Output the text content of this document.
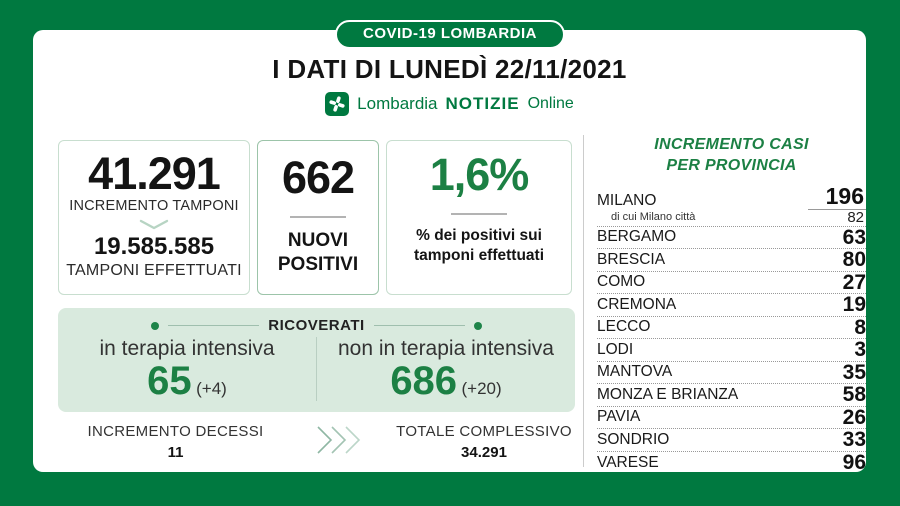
COVID-19 LOMBARDIA
I DATI DI LUNEDÌ 22/11/2021
Lombardia NOTIZIE Online
41.291
INCREMENTO TAMPONI
19.585.585
TAMPONI EFFETTUATI
662
NUOVI POSITIVI
1,6%
% dei positivi sui tamponi effettuati
RICOVERATI
in terapia intensiva
65 (+4)
non in terapia intensiva
686 (+20)
INCREMENTO DECESSI
11
TOTALE COMPLESSIVO
34.291
INCREMENTO CASI
PER PROVINCIA
MILANO	196
di cui Milano città	82
BERGAMO	63
BRESCIA	80
COMO	27
CREMONA	19
LECCO	8
LODI	3
MANTOVA	35
MONZA E BRIANZA	58
PAVIA	26
SONDRIO	33
VARESE	96
